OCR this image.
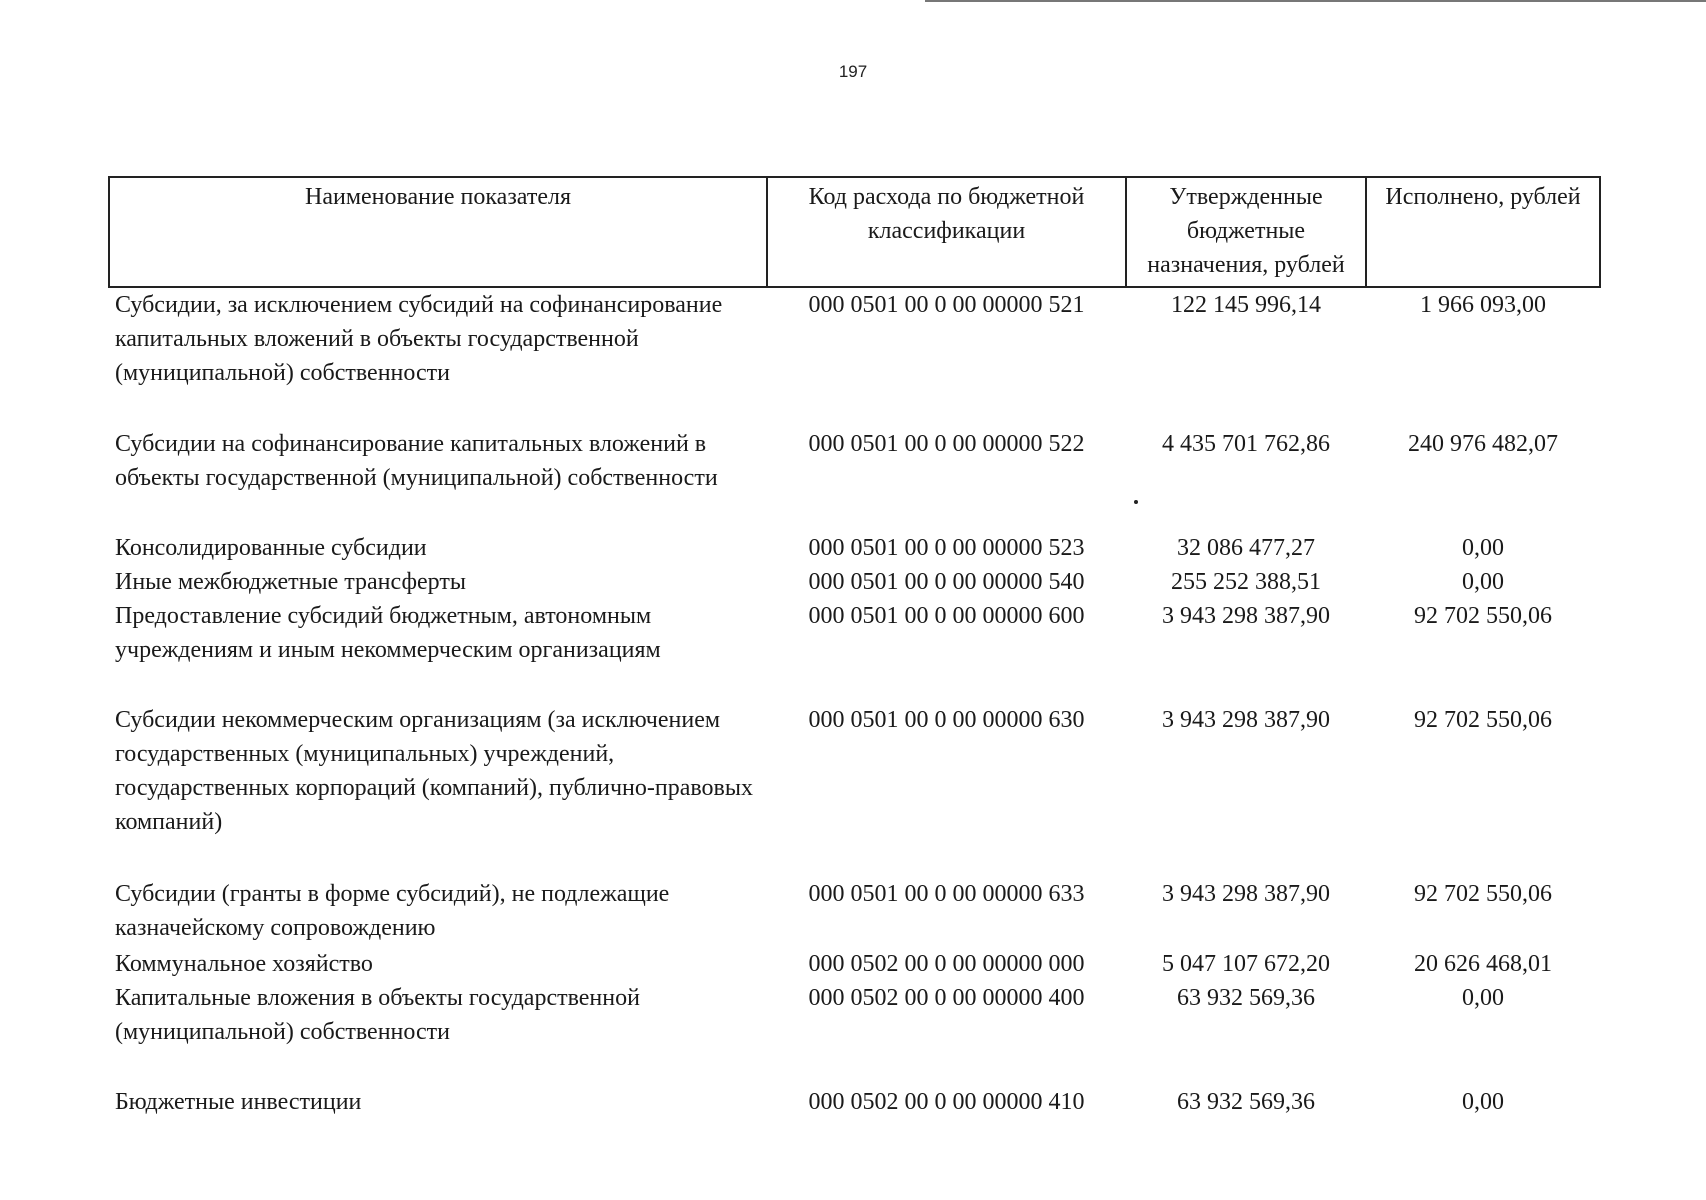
197
Наименование показателя	Код расхода по бюджетной классификации	Утвержденные бюджетные назначения, рублей	Исполнено, рублей
Субсидии, за исключением субсидий на софинансирование капитальных вложений в объекты государственной (муниципальной) собственности	000 0501 00 0 00 00000 521	122 145 996,14	1 966 093,00
Субсидии на софинансирование капитальных вложений в объекты государственной (муниципальной) собственности	000 0501 00 0 00 00000 522	4 435 701 762,86	240 976 482,07
Консолидированные субсидии	000 0501 00 0 00 00000 523	32 086 477,27	0,00
Иные межбюджетные трансферты	000 0501 00 0 00 00000 540	255 252 388,51	0,00
Предоставление субсидий бюджетным, автономным учреждениям и иным некоммерческим организациям	000 0501 00 0 00 00000 600	3 943 298 387,90	92 702 550,06
Субсидии некоммерческим организациям (за исключением государственных (муниципальных) учреждений, государственных корпораций (компаний), публично-правовых компаний)	000 0501 00 0 00 00000 630	3 943 298 387,90	92 702 550,06
Субсидии (гранты в форме субсидий), не подлежащие казначейскому сопровождению	000 0501 00 0 00 00000 633	3 943 298 387,90	92 702 550,06
Коммунальное хозяйство	000 0502 00 0 00 00000 000	5 047 107 672,20	20 626 468,01
Капитальные вложения в объекты государственной (муниципальной) собственности	000 0502 00 0 00 00000 400	63 932 569,36	0,00
Бюджетные инвестиции	000 0502 00 0 00 00000 410	63 932 569,36	0,00
